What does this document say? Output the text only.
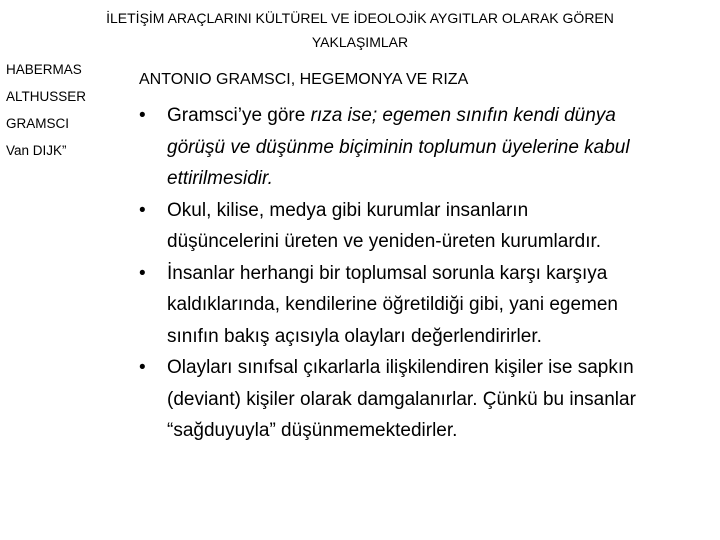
İLETİŞİM ARAÇLARINI KÜLTÜREL VE İDEOLOJİK AYGITLAR OLARAK GÖREN
YAKLAŞIMLAR
HABERMAS
ALTHUSSER
GRAMSCI
Van DIJK”
ANTONIO GRAMSCI, HEGEMONYA VE RIZA
• Gramsci’ye göre rıza ise; egemen sınıfın kendi dünya
görüşü ve düşünme biçiminin toplumun üyelerine kabul
ettirilmesidir.
• Okul, kilise, medya gibi kurumlar insanların
düşüncelerini üreten ve yeniden-üreten kurumlardır.
• İnsanlar herhangi bir toplumsal sorunla karşı karşıya
kaldıklarında, kendilerine öğretildiği gibi, yani egemen
sınıfın bakış açısıyla olayları değerlendirirler.
• Olayları sınıfsal çıkarlarla ilişkilendiren kişiler ise sapkın
(deviant) kişiler olarak damgalanırlar. Çünkü bu insanlar
“sağduyuyla” düşünmemektedirler.
